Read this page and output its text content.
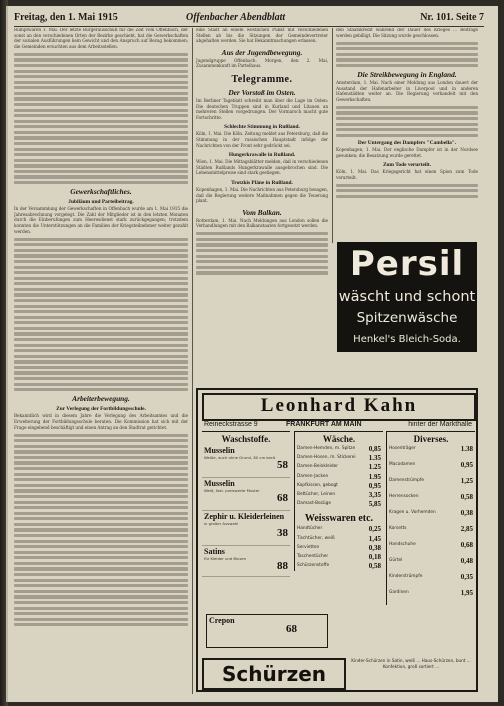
Freitag, den 1. Mai 1915	Offenbacher Abendblatt	Nr. 101. Seite 7

Rumpfwaren 1. Mai. Der letzte Bürgerausschuß für die Zeit vom Offenbach, der sonst an den verschiedenen Orten der Bezirke geschieht, hat die Gewerkschaften der sozialen Ausführungen kein Gewicht und den Anspruch auf Bezug bekommen; die Gemeinden ersuchten aus dem Arbeitsstellen.

Gewerkschaftliches.
Jubiläum und Parteibeitrag.

In der Versammlung der Gewerkschaften in Offenbach wurde am 1. Mai 1915 die Jahresabrechnung vorgelegt. Die Zahl der Mitglieder ist in den letzten Monaten durch die Einberufungen zum Heeresdienst stark zurückgegangen; trotzdem konnten die Unterstützungen an die Familien der Kriegsteilnehmer weiter gezahlt werden.

Arbeiterbewegung.
Zur Verlegung der Fortbildungsschule.

Bekanntlich wird in diesem Jahre die Verlegung des Arbeitsamtes und die Erweiterung der Fortbildungsschule beraten. Die Kommission hat sich mit der Frage eingehend beschäftigt und einen Antrag an den Stadtrat gerichtet.

eine Stadt an einem westlichen Punkt mit verschiedenen Stellen ab bis die Sitzungen der Gemeindevertreter abgehalten werden. Sie hat Bekanntmachungen erlassen.

Aus der Jugendbewegung.

Jugendgruppe Offenbach. Morgen, den 2. Mai, Zusammenkunft im Parteihaus.

Telegramme.
Der Vorstoß im Osten.

Im Berliner Tageblatt schreibt man über die Lage im Osten: Die deutschen Truppen sind in Kurland und Litauen an mehreren Stellen vorgedrungen. Der Vormarsch macht gute Fortschritte.

Schlechte Stimmung in Rußland.

Köln, 1. Mai. Die Köln. Zeitung meldet aus Petersburg, daß die Stimmung in der russischen Hauptstadt infolge der Nachrichten von der Front sehr gedrückt sei.

Hungerkrawalle in Rußland.

Wien, 1. Mai. Die Mittagsblätter melden, daß in verschiedenen Städten Rußlands Hungerkrawalle ausgebrochen sind. Die Lebensmittelpreise sind stark gestiegen.

Trotzkis Pläne in Rußland.

Kopenhagen, 1. Mai. Die Nachrichten aus Petersburg besagen, daß die Regierung weitere Maßnahmen gegen die Teuerung plant.

Vom Balkan.

Rotterdam, 1. Mai. Nach Meldungen aus London sollen die Verhandlungen mit den Balkanstaaten fortgesetzt werden.

den Staatskredit während der Dauer des Krieges ... Beiträge werden gebilligt. Die Sitzung wurde geschlossen.

Die Streikbewegung in England.

Amsterdam, 1. Mai. Nach einer Meldung aus London dauert der Ausstand der Hafenarbeiter in Liverpool und in anderen Hafenstädten weiter an. Die Regierung verhandelt mit den Gewerkschaften.

Der Untergang des Dampfers "Cambella".

Kopenhagen, 1. Mai. Der englische Dampfer ist in der Nordsee gesunken; die Besatzung wurde gerettet.

Zum Tode verurteilt.

Köln, 1. Mai. Das Kriegsgericht hat einen Spion zum Tode verurteilt.

Persil
wäscht und schont
Spitzenwäsche
Henkel's Bleich-Soda.
Leonhard Kahn
Reineckstrasse 9	FRANKFURT AM MAIN	hinter der Markthalle
Waschstoffe.
Musselin
Weiße, auch ohne Grund, 80 cm breit
58
Musselin
Weiß, fast. preiswerte Muster
68
Zephir u. Kleiderleinen
in großer Auswahl
38
Satins
für Kleider und Blusen
88
Crepon
68
Wäsche.
Damen-Hemden, m. Spitze 0,85
Damen-Hosen, m. Stickerei 1.35
Damen-Beinkleider	1.25
Damen-Jacken	1.95
Kopfkissen, gebogt	0,95
Bettücher, Leinen	3,35
Damast-Bezüge	5,85
Weisswaren etc.
Handtücher	0,25
Tischtücher, weiß	1,45
Servietten	0,38
Taschentücher	0,18
Schürzenstoffe	0,58
Diverses.
Hosenträger	1.38
Macodamen	0,95
Damenstrümpfe	1,25
Herrensocken	0,58
Kragen u. Vorhemden	0,38
Korsetts	2,85
Handschuhe	0,68
Gürtel	0,48
Kinderstrümpfe	0,35
Gardinen	1,95
Schürzen
Kinder-Schürzen in Satin, weiß ... Haus-Schürzen, bunt ... Konfektion, groß sortiert ...
